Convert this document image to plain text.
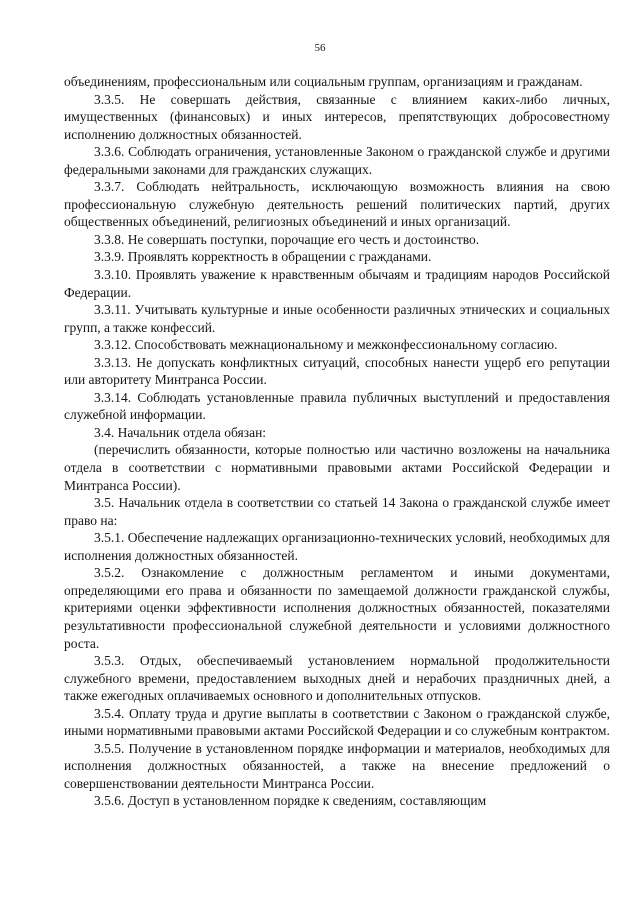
56

объединениям, профессиональным или социальным группам, организациям и гражданам.

3.3.5. Не совершать действия, связанные с влиянием каких-либо личных, имущественных (финансовых) и иных интересов, препятствующих добросовестному исполнению должностных обязанностей.

3.3.6. Соблюдать ограничения, установленные Законом о гражданской службе и другими федеральными законами для гражданских служащих.

3.3.7. Соблюдать нейтральность, исключающую возможность влияния на свою профессиональную служебную деятельность решений политических партий, других общественных объединений, религиозных объединений и иных организаций.

3.3.8. Не совершать поступки, порочащие его честь и достоинство.

3.3.9. Проявлять корректность в обращении с гражданами.

3.3.10. Проявлять уважение к нравственным обычаям и традициям народов Российской Федерации.

3.3.11. Учитывать культурные и иные особенности различных этнических и социальных групп, а также конфессий.

3.3.12. Способствовать межнациональному и межконфессиональному согласию.

3.3.13. Не допускать конфликтных ситуаций, способных нанести ущерб его репутации или авторитету Минтранса России.

3.3.14. Соблюдать установленные правила публичных выступлений и предоставления служебной информации.

3.4. Начальник отдела обязан:

(перечислить обязанности, которые полностью или частично возложены на начальника отдела в соответствии с нормативными правовыми актами Российской Федерации и Минтранса России).

3.5. Начальник отдела в соответствии со статьей 14 Закона о гражданской службе имеет право на:

3.5.1. Обеспечение надлежащих организационно-технических условий, необходимых для исполнения должностных обязанностей.

3.5.2. Ознакомление с должностным регламентом и иными документами, определяющими его права и обязанности по замещаемой должности гражданской службы, критериями оценки эффективности исполнения должностных обязанностей, показателями результативности профессиональной служебной деятельности и условиями должностного роста.

3.5.3. Отдых, обеспечиваемый установлением нормальной продолжительности служебного времени, предоставлением выходных дней и нерабочих праздничных дней, а также ежегодных оплачиваемых основного и дополнительных отпусков.

3.5.4. Оплату труда и другие выплаты в соответствии с Законом о гражданской службе, иными нормативными правовыми актами Российской Федерации и со служебным контрактом.

3.5.5. Получение в установленном порядке информации и материалов, необходимых для исполнения должностных обязанностей, а также на внесение предложений о совершенствовании деятельности Минтранса России.

3.5.6. Доступ в установленном порядке к сведениям, составляющим
